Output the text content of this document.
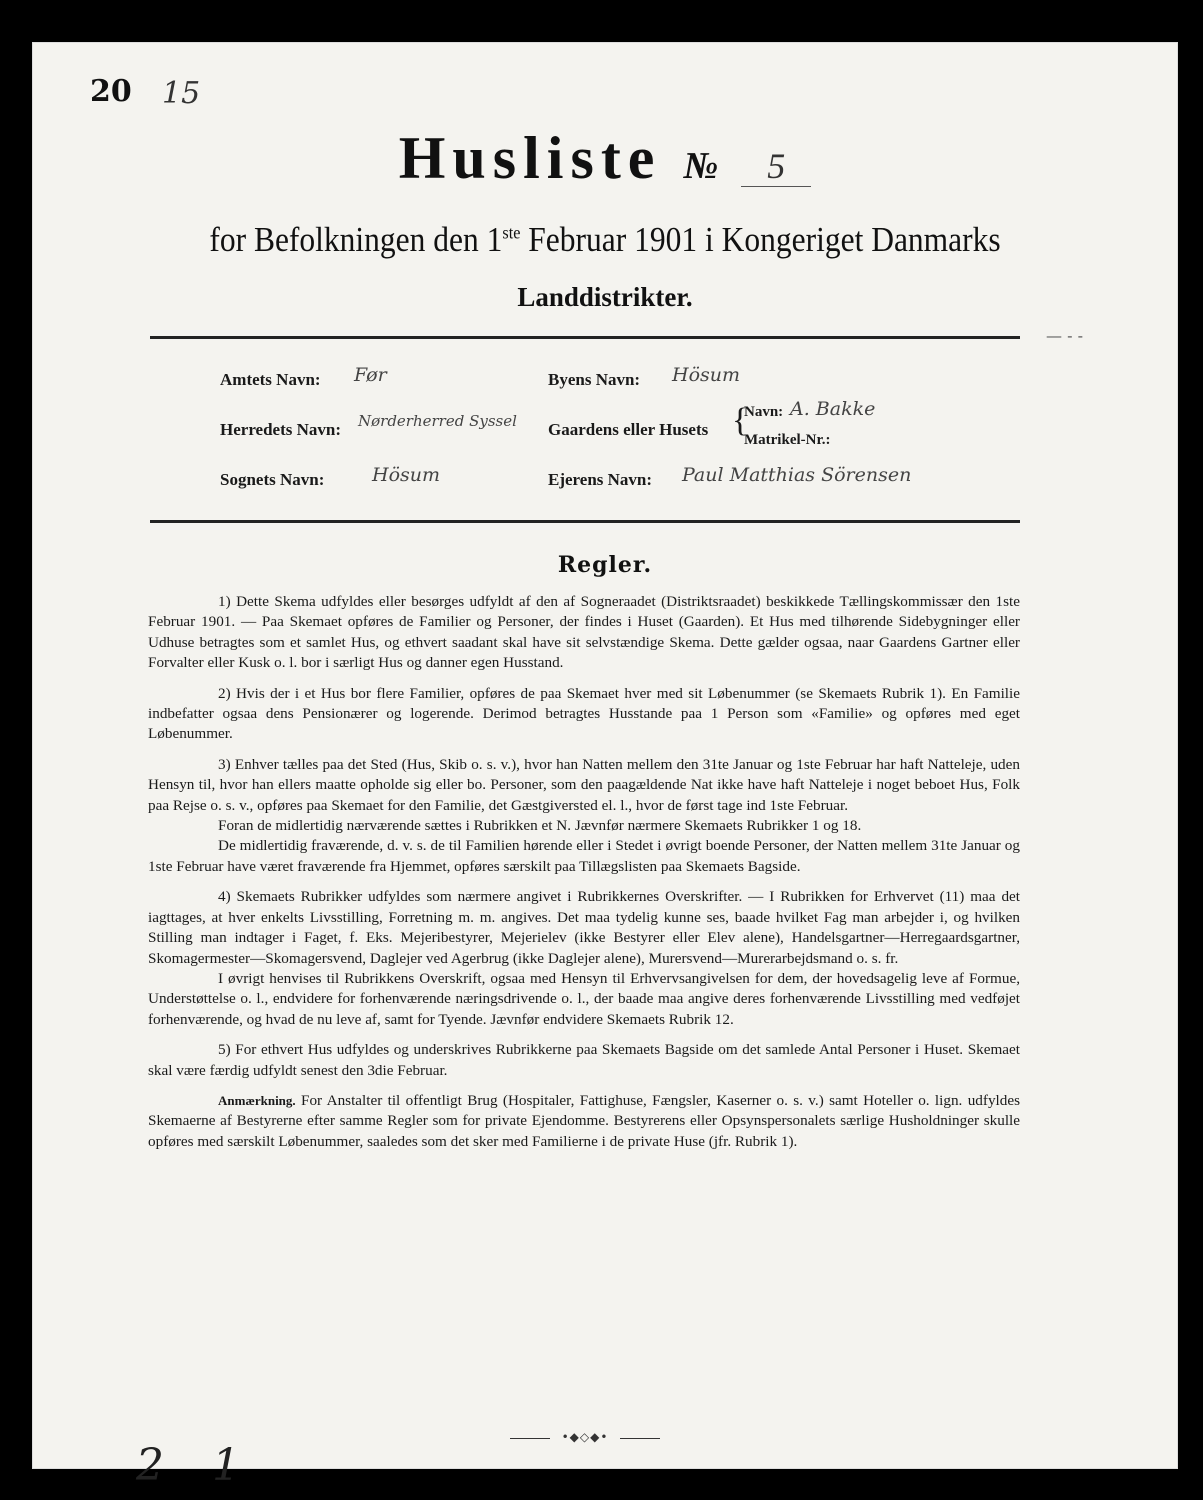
20 15
Husliste № 5
for Befolkningen den 1ste Februar 1901 i Kongeriget Danmarks
Landdistrikter.
— - -
Amtets Navn: Før	Byens Navn: Hösum
Herredets Navn: Nørderherred Syssel Gaardens eller Husets {
Navn: A. Bakke
Matrikel-Nr.:
Sognets Navn:	Hösum	Ejerens Navn: Paul Matthias Sörensen
Regler.

1) Dette Skema udfyldes eller besørges udfyldt af den af Sogneraadet (Distriktsraadet) beskikkede Tællingskommissær den 1ste Februar 1901. — Paa Skemaet opføres de Familier og Personer, der findes i Huset (Gaarden). Et Hus med tilhørende Sidebygninger eller Udhuse betragtes som et samlet Hus, og ethvert saadant skal have sit selvstændige Skema. Dette gælder ogsaa, naar Gaardens Gartner eller Forvalter eller Kusk o. l. bor i særligt Hus og danner egen Husstand.

2) Hvis der i et Hus bor flere Familier, opføres de paa Skemaet hver med sit Løbenummer (se Skemaets Rubrik 1). En Familie indbefatter ogsaa dens Pensionærer og logerende. Derimod betragtes Husstande paa 1 Person som «Familie» og opføres med eget Løbenummer.

3) Enhver tælles paa det Sted (Hus, Skib o. s. v.), hvor han Natten mellem den 31te Januar og 1ste Februar har haft Natteleje, uden Hensyn til, hvor han ellers maatte opholde sig eller bo. Personer, som den paagældende Nat ikke have haft Natteleje i noget beboet Hus, Folk paa Rejse o. s. v., opføres paa Skemaet for den Familie, det Gæstgiversted el. l., hvor de først tage ind 1ste Februar.

Foran de midlertidig nærværende sættes i Rubrikken et N. Jævnfør nærmere Skemaets Rubrikker 1 og 18.

De midlertidig fraværende, d. v. s. de til Familien hørende eller i Stedet i øvrigt boende Personer, der Natten mellem 31te Januar og 1ste Februar have været fraværende fra Hjemmet, opføres særskilt paa Tillægslisten paa Skemaets Bagside.

4) Skemaets Rubrikker udfyldes som nærmere angivet i Rubrikkernes Overskrifter. — I Rubrikken for Erhvervet (11) maa det iagttages, at hver enkelts Livsstilling, Forretning m. m. angives. Det maa tydelig kunne ses, baade hvilket Fag man arbejder i, og hvilken Stilling man indtager i Faget, f. Eks. Mejeribestyrer, Mejerielev (ikke Bestyrer eller Elev alene), Handelsgartner—Herregaardsgartner, Skomagermester—Skomagersvend, Daglejer ved Agerbrug (ikke Daglejer alene), Murersvend—Murerarbejdsmand o. s. fr.

I øvrigt henvises til Rubrikkens Overskrift, ogsaa med Hensyn til Erhvervsangivelsen for dem, der hovedsagelig leve af Formue, Understøttelse o. l., endvidere for forhenværende næringsdrivende o. l., der baade maa angive deres forhenværende Livsstilling med vedføjet forhenværende, og hvad de nu leve af, samt for Tyende. Jævnfør endvidere Skemaets Rubrik 12.

5) For ethvert Hus udfyldes og underskrives Rubrikkerne paa Skemaets Bagside om det samlede Antal Personer i Huset. Skemaet skal være færdig udfyldt senest den 3die Februar.

Anmærkning. For Anstalter til offentligt Brug (Hospitaler, Fattighuse, Fængsler, Kaserner o. s. v.) samt Hoteller o. lign. udfyldes Skemaerne af Bestyrerne efter samme Regler som for private Ejendomme. Bestyrerens eller Opsynspersonalets særlige Husholdninger skulle opføres med særskilt Løbenummer, saaledes som det sker med Familierne i de private Huse (jfr. Rubrik 1).

•◆◇◆•
2 1
